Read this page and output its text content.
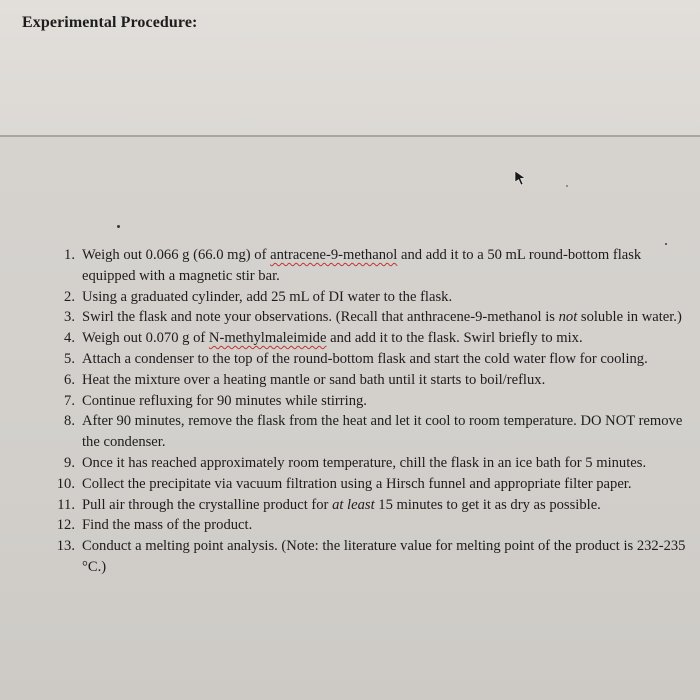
Experimental Procedure:
1. Weigh out 0.066 g (66.0 mg) of antracene-9-methanol and add it to a 50 mL round-bottom flask equipped with a magnetic stir bar.
2. Using a graduated cylinder, add 25 mL of DI water to the flask.
3. Swirl the flask and note your observations. (Recall that anthracene-9-methanol is not soluble in water.)
4. Weigh out 0.070 g of N-methylmaleimide and add it to the flask. Swirl briefly to mix.
5. Attach a condenser to the top of the round-bottom flask and start the cold water flow for cooling.
6. Heat the mixture over a heating mantle or sand bath until it starts to boil/reflux.
7. Continue refluxing for 90 minutes while stirring.
8. After 90 minutes, remove the flask from the heat and let it cool to room temperature. DO NOT remove the condenser.
9. Once it has reached approximately room temperature, chill the flask in an ice bath for 5 minutes.
10. Collect the precipitate via vacuum filtration using a Hirsch funnel and appropriate filter paper.
11. Pull air through the crystalline product for at least 15 minutes to get it as dry as possible.
12. Find the mass of the product.
13. Conduct a melting point analysis. (Note: the literature value for melting point of the product is 232-235 °C.)
